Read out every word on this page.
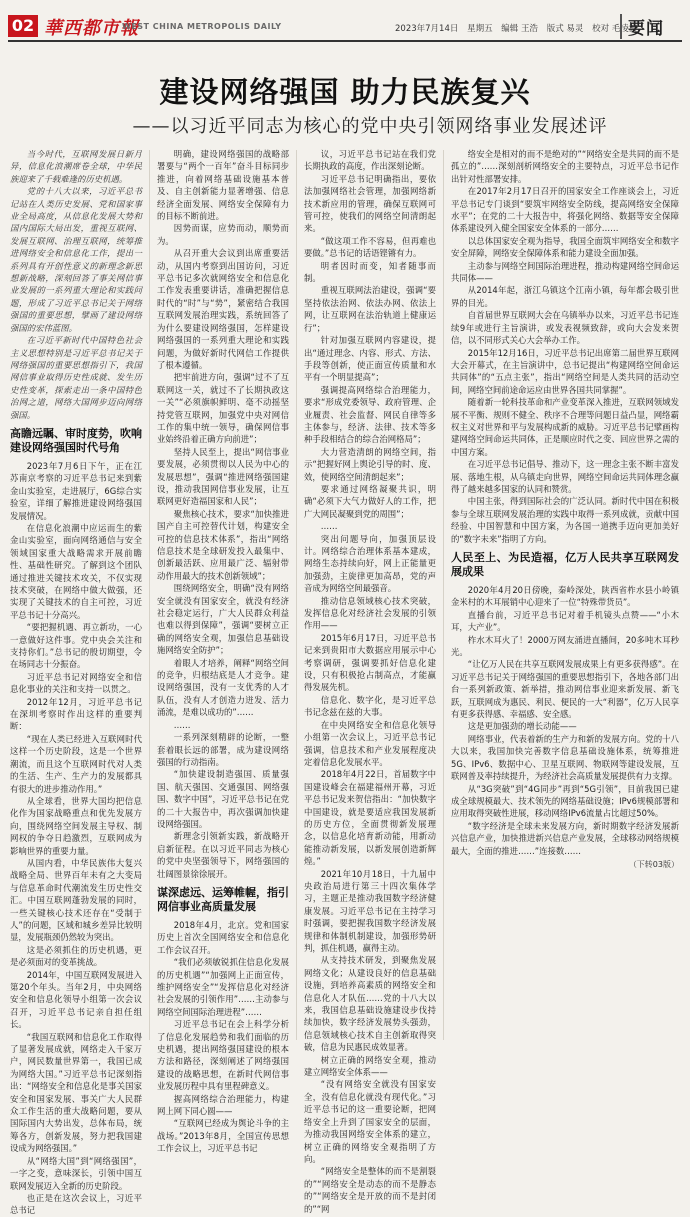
02 華西都市報
WEST CHINA METROPOLIS DAILY	2023年7月14日 星期五 编辑 王浩 版式 易灵 校对 毛凌波
要闻
建设网络强国 助力民族复兴
——以习近平同志为核心的党中央引领网络事业发展述评

当今时代，互联网发展日新月异，信息化浪潮席卷全球，中华民族迎来了千载难逢的历史机遇。

党的十八大以来，习近平总书记站在人类历史发展、党和国家事业全局高度，从信息化发展大势和国内国际大局出发，重视互联网、发展互联网、治理互联网，统筹推进网络安全和信息化工作，提出一系列具有开创性意义的新理念新思想新战略，深刻回答了事关网信事业发展的一系列重大理论和实践问题，形成了习近平总书记关于网络强国的重要思想，擘画了建设网络强国的宏伟蓝图。

在习近平新时代中国特色社会主义思想特别是习近平总书记关于网络强国的重要思想指引下，我国网信事业取得历史性成就、发生历史性变革，探索走出一条中国特色治网之道，网络大国网步迈向网络强国。

高瞻远瞩、审时度势，吹响建设网络强国时代号角

2023年7月6日下午，正在江苏南京考察的习近平总书记来到紫金山实验室，走进展厅，6G综合实验室，详细了解推进建设网络强国发展情况。

在信息化浪潮中应运而生的紫金山实验室，面向网络通信与安全领域国家重大战略需求开展前瞻性、基础性研究。了解到这个团队通过推进关键技术攻关，不仅实现技术突破，在网络中做大做强，还实现了关键技术的自主可控，习近平总书记十分高兴。

“要把握机遇、再立新功，一心一意做好这件事。党中央会关注和支持你们。”总书记的殷切期望，令在场同志十分振奋。

习近平总书记对网络安全和信息化事业的关注和支持一以贯之。

2012年12月，习近平总书记在深圳考察时作出这样的重要判断：

“现在人类已经进入互联网时代这样一个历史阶段，这是一个世界潮流，而且这个互联网时代对人类的生活、生产、生产力的发展都具有很大的进步推动作用。”

从全球看，世界大国均把信息化作为国家战略重点和优先发展方向，围绕网络空间发展主导权、制网权的争夺日趋激烈，互联网成为影响世界的重要力量。

从国内看，中华民族伟大复兴战略全局、世界百年未有之大变局与信息革命时代潮流发生历史性交汇。中国互联网蓬勃发展的同时，一些关键核心技术还存在“受制于人”的问题，区域和城乡差异比较明显，发展瓶颈仍然较为突出。

这是必须抓住的历史机遇，更是必须面对的变革挑战。

2014年，中国互联网发展进入第20个年头。当年2月，中央网络安全和信息化领导小组第一次会议召开，习近平总书记亲自担任组长。

“我国互联网和信息化工作取得了显著发展成就，网络走入千家万户，网民数量世界第一，我国已成为网络大国。”习近平总书记深刻指出：“网络安全和信息化是事关国家安全和国家发展、事关广大人民群众工作生活的重大战略问题，要从国际国内大势出发，总体布局，统筹各方，创新发展，努力把我国建设成为网络强国。”

从“网络大国”到“网络强国”，一字之变，意味深长，引领中国互联网发展迈入全新的历史阶段。

也正是在这次会议上，习近平总书记

明确，建设网络强国的战略部署要与“两个一百年”奋斗目标同步推进，向着网络基础设施基本普及、自主创新能力显著增强、信息经济全面发展、网络安全保障有力的目标不断前进。

因势而谋，应势而动，顺势而为。

从召开重大会议到出席重要活动，从国内考察到出国访问，习近平总书记多次就网络安全和信息化工作发表重要讲话，准确把握信息时代的“时”与“势”，紧密结合我国互联网发展治理实践，系统回答了为什么要建设网络强国，怎样建设网络强国的一系列重大理论和实践问题，为做好新时代网信工作提供了根本遵循。

把牢前进方向，强调“过不了互联网这一关，就过不了长期执政这一关”“必须旗帜鲜明、毫不动摇坚持党管互联网，加强党中央对网信工作的集中统一领导，确保网信事业始终沿着正确方向前进”；

坚持人民至上，提出“网信事业要发展，必须贯彻以人民为中心的发展思想”，强调“推进网络强国建设，推动我国网信事业发展，让互联网更好造福国家和人民”；

聚焦核心技术，要求“加快推进国产自主可控替代计划，构建安全可控的信息技术体系”，指出“网络信息技术是全球研发投入最集中、创新最活跃、应用最广泛、辐射带动作用最大的技术创新领域”；

围绕网络安全，明确“没有网络安全就没有国家安全，就没有经济社会稳定运行，广大人民群众利益也难以得到保障”，强调“要树立正确的网络安全观，加强信息基础设施网络安全防护”；

着眼人才培养，阐释“网络空间的竞争，归根结底是人才竞争。建设网络强国，没有一支优秀的人才队伍，没有人才创造力迸发、活力涌流，是难以成功的”……

……

一系列深刻精辟的论断，一整套着眼长远的部署，成为建设网络强国的行动指南。

“加快建设制造强国、质量强国、航天强国、交通强国、网络强国、数字中国”，习近平总书记在党的二十大报告中，再次强调加快建设网络强国。

新理念引领新实践，新战略开启新征程。在以习近平同志为核心的党中央坚强领导下，网络强国的壮阔图景徐徐展开。

谋深虑远、运筹帷幄，指引网信事业高质量发展

2018年4月，北京。党和国家历史上首次全国网络安全和信息化工作会议召开。

“我们必须敏锐抓住信息化发展的历史机遇”“加强网上正面宣传，维护网络安全”“发挥信息化对经济社会发展的引领作用”……主动参与网络空间国际治理进程”……

习近平总书记在会上科学分析了信息化发展趋势和我们面临的历史机遇，提出网络强国建设的根本方法和路径，深刻阐述了网络强国建设的战略思想，在新时代网信事业发展历程中具有里程碑意义。

握高网络综合治理能力，构建网上网下同心圆——

“互联网已经成为舆论斗争的主战场。”2013年8月，全国宣传思想工作会议上，习近平总书记

议，习近平总书记站在我们党长期执政的高度，作出深刻论断。

习近平总书记明确指出，要依法加强网络社会管理，加强网络新技术新应用的管理，确保互联网可管可控，使我们的网络空间清朗起来。

“做这项工作不容易，但再难也要做。”总书记的话语铿锵有力。

明者因时而变，知者随事而制。

重视互联网法治建设，强调“要坚持依法治网、依法办网、依法上网，让互联网在法治轨道上健康运行”；

针对加强互联网内容建设，提出“通过理念、内容、形式、方法、手段等创新，使正面宣传质量和水平有一个明显提高”；

强调提高网络综合治理能力，要求“形成党委领导、政府管理、企业履责、社会监督、网民自律等多主体参与，经济、法律、技术等多种手段相结合的综合治网格局”；

大力营造清朗的网络空间，指示“把握好网上舆论引导的时、度、效，使网络空间清朗起来”；

要求通过网络凝聚共识，明确“必须下大气力做好人的工作，把广大网民凝聚到党的周围”；

……

突出问题导向，加强顶层设计。网络综合治理体系基本建成，网络生态持续向好，网上正能量更加强劲，主旋律更加高昂，党的声音成为网络空间最强音。

推动信息领域核心技术突破，发挥信息化对经济社会发展的引领作用——

2015年6月17日，习近平总书记来到贵阳市大数据应用展示中心考察调研，强调要抓好信息化建设，只有积极抢占制高点，才能赢得发展先机。

信息化、数字化，是习近平总书记念兹在兹的大事。

在中央网络安全和信息化领导小组第一次会议上，习近平总书记强调，信息技术和产业发展程度决定着信息化发展水平。

2018年4月22日，首届数字中国建设峰会在福建福州开幕，习近平总书记发来贺信指出：“加快数字中国建设，就是要适应我国发展新的历史方位，全面贯彻新发展理念，以信息化培育新动能，用新动能推动新发展，以新发展创造新辉煌。”

2021年10月18日，十九届中央政治局进行第三十四次集体学习，主题正是推动我国数字经济健康发展。习近平总书记在主持学习时强调，要把握我国数字经济发展规律和体制机制建设，加强形势研判，抓住机遇，赢得主动。

从支持技术研发，到聚焦发展网络文化；从建设良好的信息基础设施，到培养高素质的网络安全和信息化人才队伍……党的十八大以来，我国信息基础设施建设步伐持续加快，数字经济发展势头强劲，信息领域核心技术自主创新取得突破，信息为民惠民成效显著。

树立正确的网络安全观，推动建立网络安全体系——

“没有网络安全就没有国家安全，没有信息化就没有现代化。”习近平总书记的这一重要论断，把网络安全上升到了国家安全的层面，为推动我国网络安全体系的建立，树立正确的网络安全观指明了方向。

“网络安全是整体的而不是割裂的”“网络安全是动态的而不是静态的”“网络安全是开放的而不是封闭的”“网

络安全是相对的而不是绝对的”“网络安全是共同的而不是孤立的”……深刻剖析网络安全的主要特点，习近平总书记作出针对性部署安排。

在2017年2月17日召开的国家安全工作座谈会上，习近平总书记专门谈到“要筑牢网络安全防线，提高网络安全保障水平”；在党的二十大报告中，将强化网络、数据等安全保障体系建设列入健全国家安全体系的一部分……

以总体国家安全观为指导，我国全面筑牢网络安全和数字安全屏障，网络安全保障体系和能力建设全面加强。

主动参与网络空间国际治理进程，推动构建网络空间命运共同体——

从2014年起，浙江乌镇这个江南小镇，每年都会吸引世界的目光。

自首届世界互联网大会在乌镇举办以来，习近平总书记连续9年或进行主旨演讲，或发表视频致辞，或向大会发来贺信，以不同形式关心大会举办工作。

2015年12月16日，习近平总书记出席第二届世界互联网大会开幕式，在主旨演讲中，总书记提出“构建网络空间命运共同体”的“五点主张”，指出“网络空间是人类共同的活动空间，网络空间前途命运应由世界各国共同掌握”。

随着新一轮科技革命和产业变革深入推进，互联网领域发展不平衡、规则不健全、秩序不合理等问题日益凸显，网络霸权主义对世界和平与发展构成新的威胁。习近平总书记擘画构建网络空间命运共同体，正是顺应时代之变、回应世界之需的中国方案。

在习近平总书记倡导、推动下，这一理念主张不断丰富发展、落地生根，从乌镇走向世界，网络空间命运共同体理念赢得了越来越多国家的认同和赞赏。

中国主张，得到国际社会的广泛认同。新时代中国在积极参与全球互联网发展治理的实践中取得一系列成就，贡献中国经验、中国智慧和中国方案，为各国一道携手迈向更加美好的“数字未来”指明了方向。

人民至上、为民造福，亿万人民共享互联网发展成果

2020年4月20日傍晚，秦岭深处，陕西省柞水县小岭镇金米村的木耳展销中心迎来了一位“特殊带货员”。

直播台前，习近平总书记对着手机镜头点赞——“小木耳，大产业”。

柞水木耳火了！2000万网友涌进直播间，20多吨木耳秒光。

“让亿万人民在共享互联网发展成果上有更多获得感”。在习近平总书记关于网络强国的重要思想指引下，各地各部门出台一系列新政策、新举措，推动网信事业迎来新发展、新飞跃，互联网成为惠民、利民、便民的一大“利器”，亿万人民享有更多获得感、幸福感、安全感。

这是更加强劲的增长动能——

网络事业，代表着新的生产力和新的发展方向。党的十八大以来，我国加快完善数字信息基础设施体系，统筹推进5G、IPv6、数据中心、卫星互联网、物联网等建设发展，互联网普及率持续提升，为经济社会高质量发展提供有力支撑。

从“3G突破”到“4G同步”再到“5G引领”，目前我国已建成全球规模最大、技术领先的网络基础设施；IPv6规模部署和应用取得突破性进展，移动网络IPv6流量占比超过50%。

“数字经济是全球未来发展方向，新时期数字经济发展新兴信息产业，加快推进新兴信息产业发展，全球移动网络规模最大，全面的推进……”连接数……

（下转03版）
